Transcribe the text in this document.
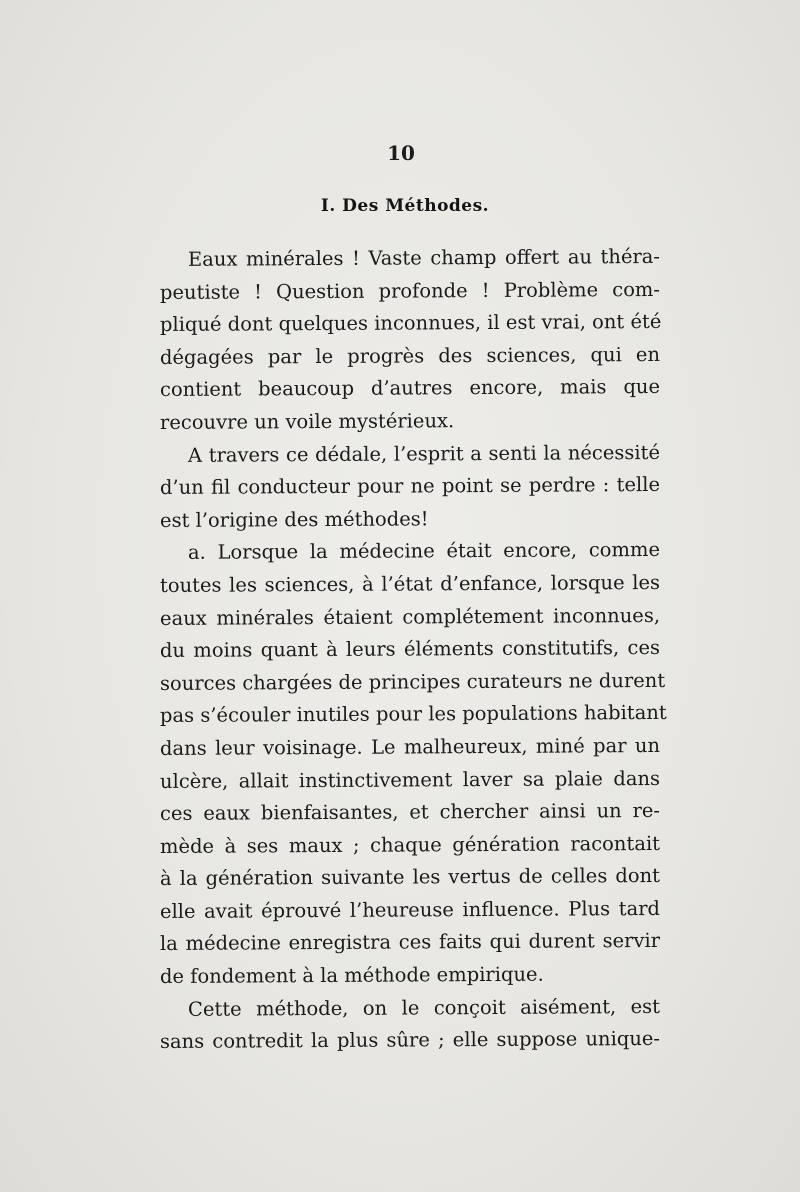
10
I. Des Méthodes.
Eaux minérales ! Vaste champ offert au théra-
peutiste ! Question profonde ! Problème com-
pliqué dont quelques inconnues, il est vrai, ont été
dégagées par le progrès des sciences, qui en
contient beaucoup d’autres encore, mais que
recouvre un voile mystérieux.
A travers ce dédale, l’esprit a senti la nécessité
d’un fil conducteur pour ne point se perdre : telle
est l’origine des méthodes!
a. Lorsque la médecine était encore, comme
toutes les sciences, à l’état d’enfance, lorsque les
eaux minérales étaient complétement inconnues,
du moins quant à leurs éléments constitutifs, ces
sources chargées de principes curateurs ne durent
pas s’écouler inutiles pour les populations habitant
dans leur voisinage. Le malheureux, miné par un
ulcère, allait instinctivement laver sa plaie dans
ces eaux bienfaisantes, et chercher ainsi un re-
mède à ses maux ; chaque génération racontait
à la génération suivante les vertus de celles dont
elle avait éprouvé l’heureuse influence. Plus tard
la médecine enregistra ces faits qui durent servir
de fondement à la méthode empirique.
Cette méthode, on le conçoit aisément, est
sans contredit la plus sûre ; elle suppose unique-
